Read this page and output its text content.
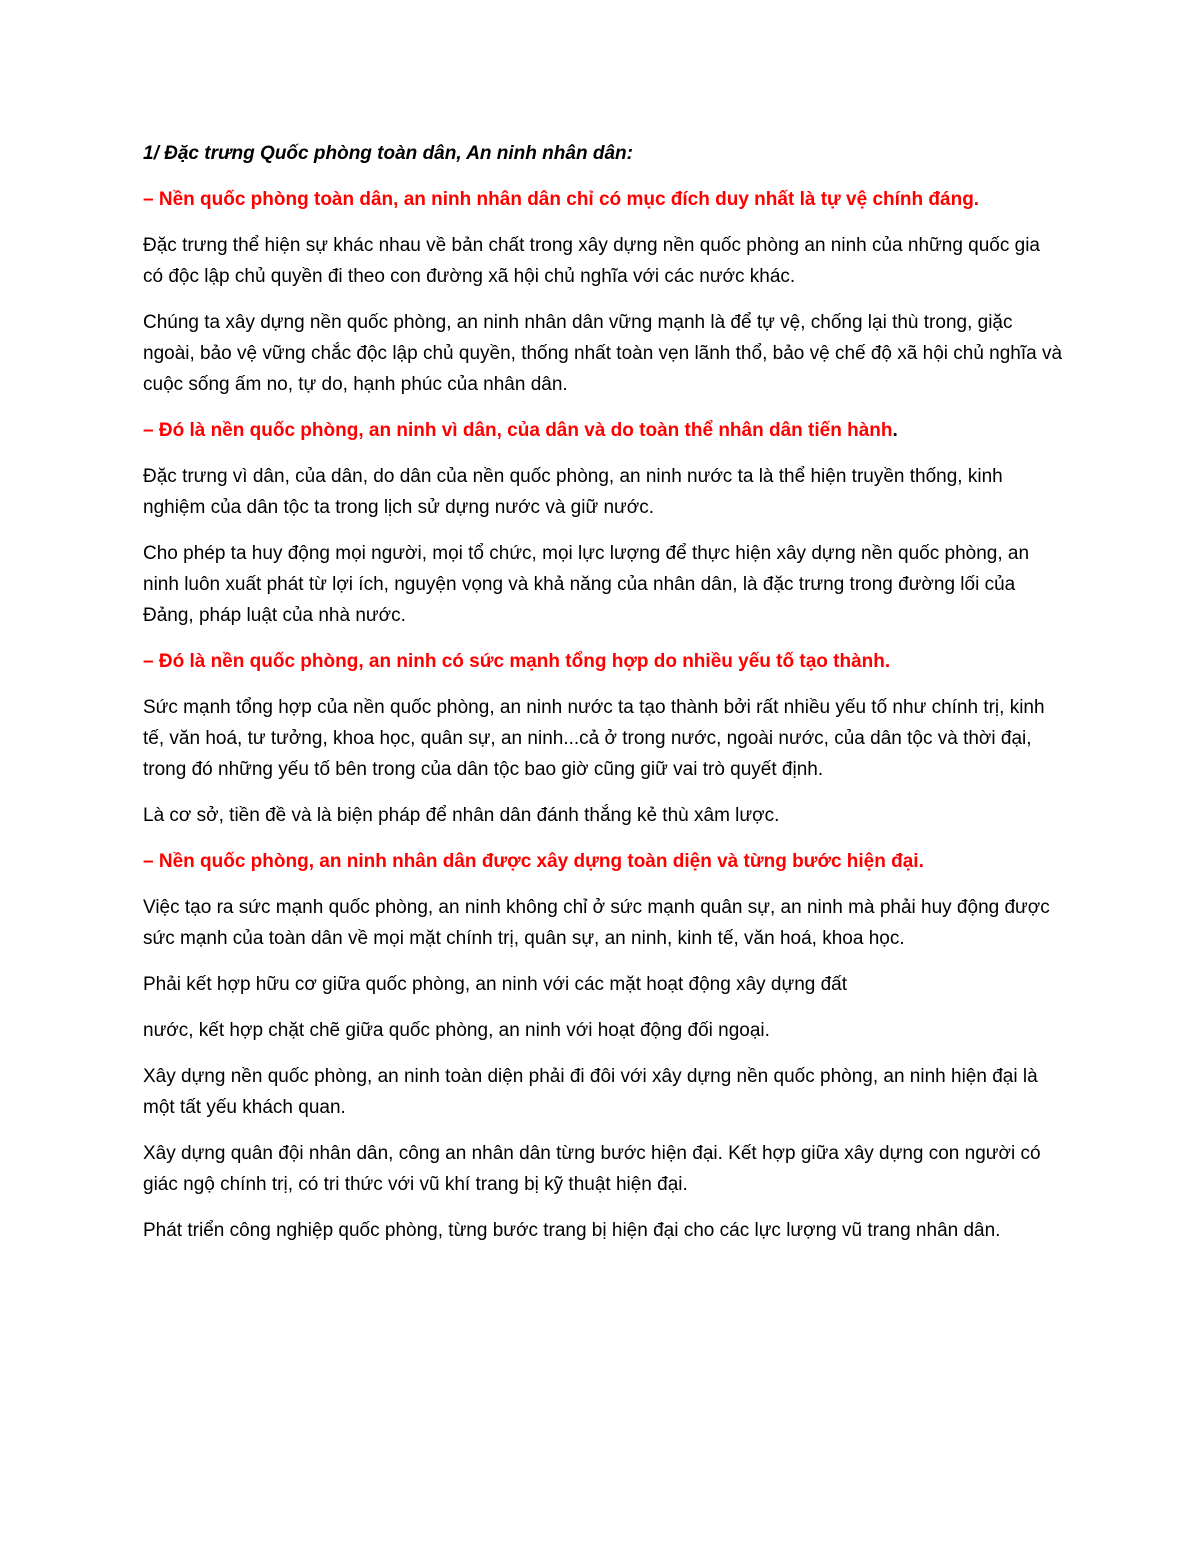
1/ Đặc trưng Quốc phòng toàn dân, An ninh nhân dân:

– Nền quốc phòng toàn dân, an ninh nhân dân chỉ có mục đích duy nhất là tự vệ chính đáng.

Đặc trưng thể hiện sự khác nhau về bản chất trong xây dựng nền quốc phòng an ninh của những quốc gia có độc lập chủ quyền đi theo con đường xã hội chủ nghĩa với các nước khác.

Chúng ta xây dựng nền quốc phòng, an ninh nhân dân vững mạnh là để tự vệ, chống lại thù trong, giặc ngoài, bảo vệ vững chắc độc lập chủ quyền, thống nhất toàn vẹn lãnh thổ, bảo vệ chế độ xã hội chủ nghĩa và cuộc sống ấm no, tự do, hạnh phúc của nhân dân.

– Đó là nền quốc phòng, an ninh vì dân, của dân và do toàn thể nhân dân tiến hành.

Đặc trưng vì dân, của dân, do dân của nền quốc phòng, an ninh nước ta là thể hiện truyền thống, kinh nghiệm của dân tộc ta trong lịch sử dựng nước và giữ nước.

Cho phép ta huy động mọi người, mọi tổ chức, mọi lực lượng để thực hiện xây dựng nền quốc phòng, an ninh luôn xuất phát từ lợi ích, nguyện vọng và khả năng của nhân dân, là đặc trưng trong đường lối của Đảng, pháp luật của nhà nước.

– Đó là nền quốc phòng, an ninh có sức mạnh tổng hợp do nhiều yếu tố tạo thành.

Sức mạnh tổng hợp của nền quốc phòng, an ninh nước ta tạo thành bởi rất nhiều yếu tố như chính trị, kinh tế, văn hoá, tư tưởng, khoa học, quân sự, an ninh...cả ở trong nước, ngoài nước, của dân tộc và thời đại, trong đó những yếu tố bên trong của dân tộc bao giờ cũng giữ vai trò quyết định.

Là cơ sở, tiền đề và là biện pháp để nhân dân đánh thắng kẻ thù xâm lược.

– Nền quốc phòng, an ninh nhân dân được xây dựng toàn diện và từng bước hiện đại.

Việc tạo ra sức mạnh quốc phòng, an ninh không chỉ ở sức mạnh quân sự, an ninh mà phải huy động được sức mạnh của toàn dân về mọi mặt chính trị, quân sự, an ninh, kinh tế, văn hoá, khoa học.

Phải kết hợp hữu cơ giữa quốc phòng, an ninh với các mặt hoạt động xây dựng đất

nước, kết hợp chặt chẽ giữa quốc phòng, an ninh với hoạt động đối ngoại.

Xây dựng nền quốc phòng, an ninh toàn diện phải đi đôi với xây dựng nền quốc phòng, an ninh hiện đại là một tất yếu khách quan.

Xây dựng quân đội nhân dân, công an nhân dân từng bước hiện đại. Kết hợp giữa xây dựng con người có giác ngộ chính trị, có tri thức với vũ khí trang bị kỹ thuật hiện đại.

Phát triển công nghiệp quốc phòng, từng bước trang bị hiện đại cho các lực lượng vũ trang nhân dân.
